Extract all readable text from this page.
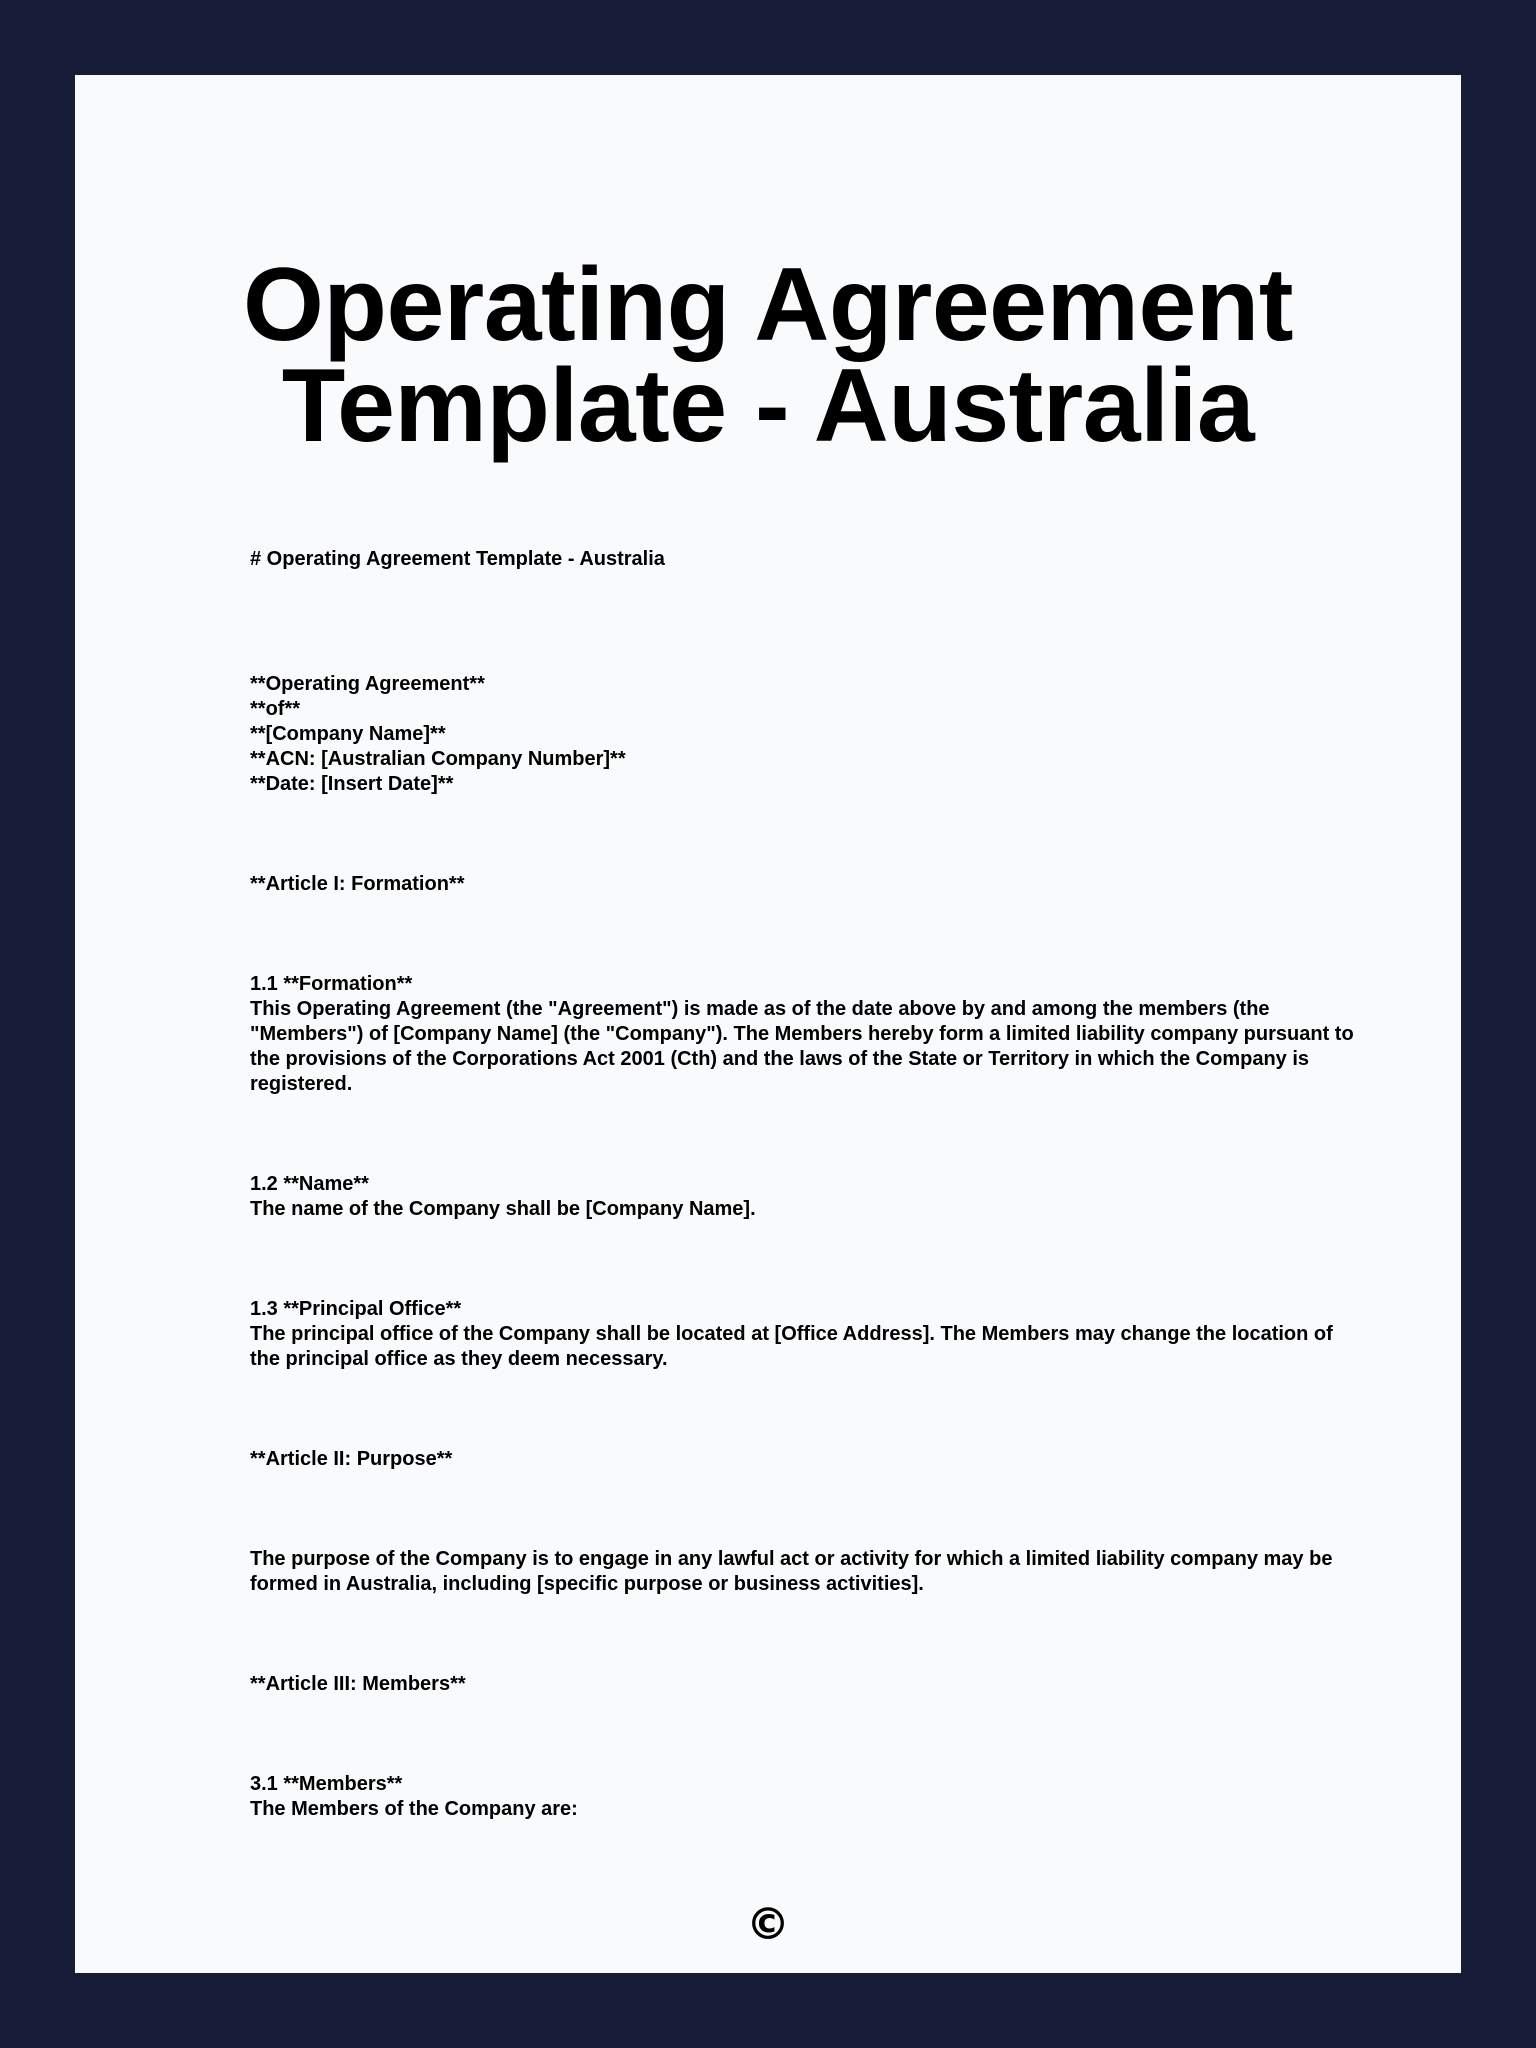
Operating Agreement Template - Australia

# Operating Agreement Template - Australia

**Operating Agreement**
**of**
**[Company Name]**
**ACN: [Australian Company Number]**
**Date: [Insert Date]**

**Article I: Formation**

1.1 **Formation**
This Operating Agreement (the "Agreement") is made as of the date above by and among the members (the "Members") of [Company Name] (the "Company"). The Members hereby form a limited liability company pursuant to the provisions of the Corporations Act 2001 (Cth) and the laws of the State or Territory in which the Company is registered.

1.2 **Name**
The name of the Company shall be [Company Name].

1.3 **Principal Office**
The principal office of the Company shall be located at [Office Address]. The Members may change the location of the principal office as they deem necessary.

**Article II: Purpose**

The purpose of the Company is to engage in any lawful act or activity for which a limited liability company may be formed in Australia, including [specific purpose or business activities].

**Article III: Members**

3.1 **Members**
The Members of the Company are:

©
